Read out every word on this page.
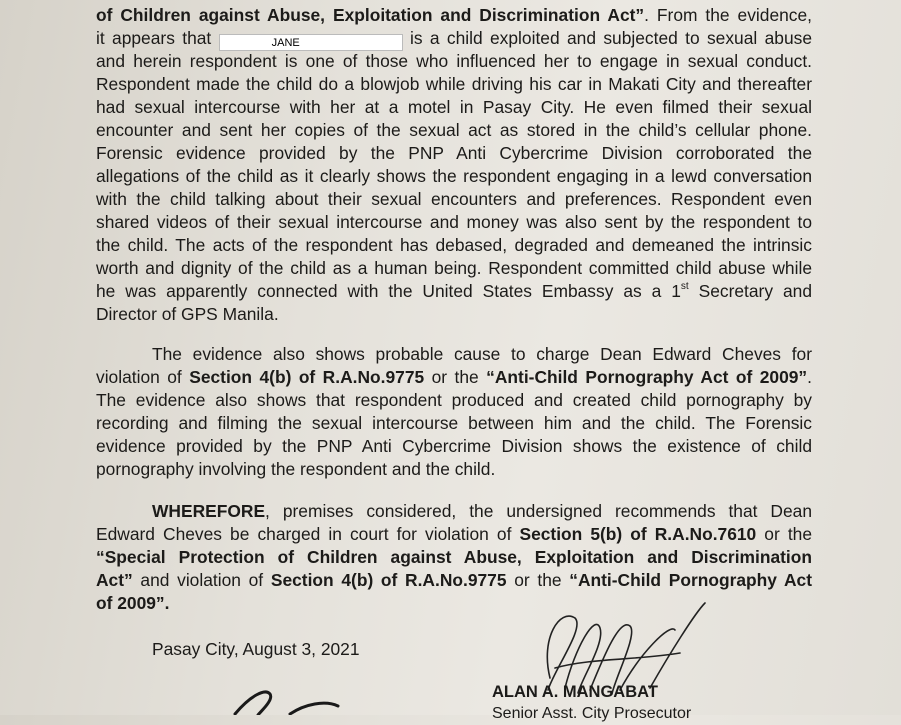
of Children against Abuse, Exploitation and Discrimination Act”. From the evidence,
it appears that	JANE	is a child exploited and subjected to sexual abuse
and herein respondent is one of those who influenced her to engage in sexual conduct.
Respondent made the child do a blowjob while driving his car in Makati City and thereafter
had sexual intercourse with her at a motel in Pasay City. He even filmed their sexual
encounter and sent her copies of the sexual act as stored in the child’s cellular phone.
Forensic evidence provided by the PNP Anti Cybercrime Division corroborated the
allegations of the child as it clearly shows the respondent engaging in a lewd conversation
with the child talking about their sexual encounters and preferences. Respondent even
shared videos of their sexual intercourse and money was also sent by the respondent to
the child. The acts of the respondent has debased, degraded and demeaned the intrinsic
worth and dignity of the child as a human being. Respondent committed child abuse while
he was apparently connected with the United States Embassy as a 1st Secretary and
Director of GPS Manila.
The evidence also shows probable cause to charge Dean Edward Cheves for
violation of Section 4(b) of R.A.No.9775 or the “Anti-Child Pornography Act of 2009”.
The evidence also shows that respondent produced and created child pornography by
recording and filming the sexual intercourse between him and the child. The Forensic
evidence provided by the PNP Anti Cybercrime Division shows the existence of child
pornography involving the respondent and the child.
WHEREFORE, premises considered, the undersigned recommends that Dean
Edward Cheves be charged in court for violation of Section 5(b) of R.A.No.7610 or the
“Special Protection of Children against Abuse, Exploitation and Discrimination
Act” and violation of Section 4(b) of R.A.No.9775 or the “Anti-Child Pornography Act
of 2009”.
Pasay City, August 3, 2021
ALAN A. MANGABAT
Senior Asst. City Prosecutor
